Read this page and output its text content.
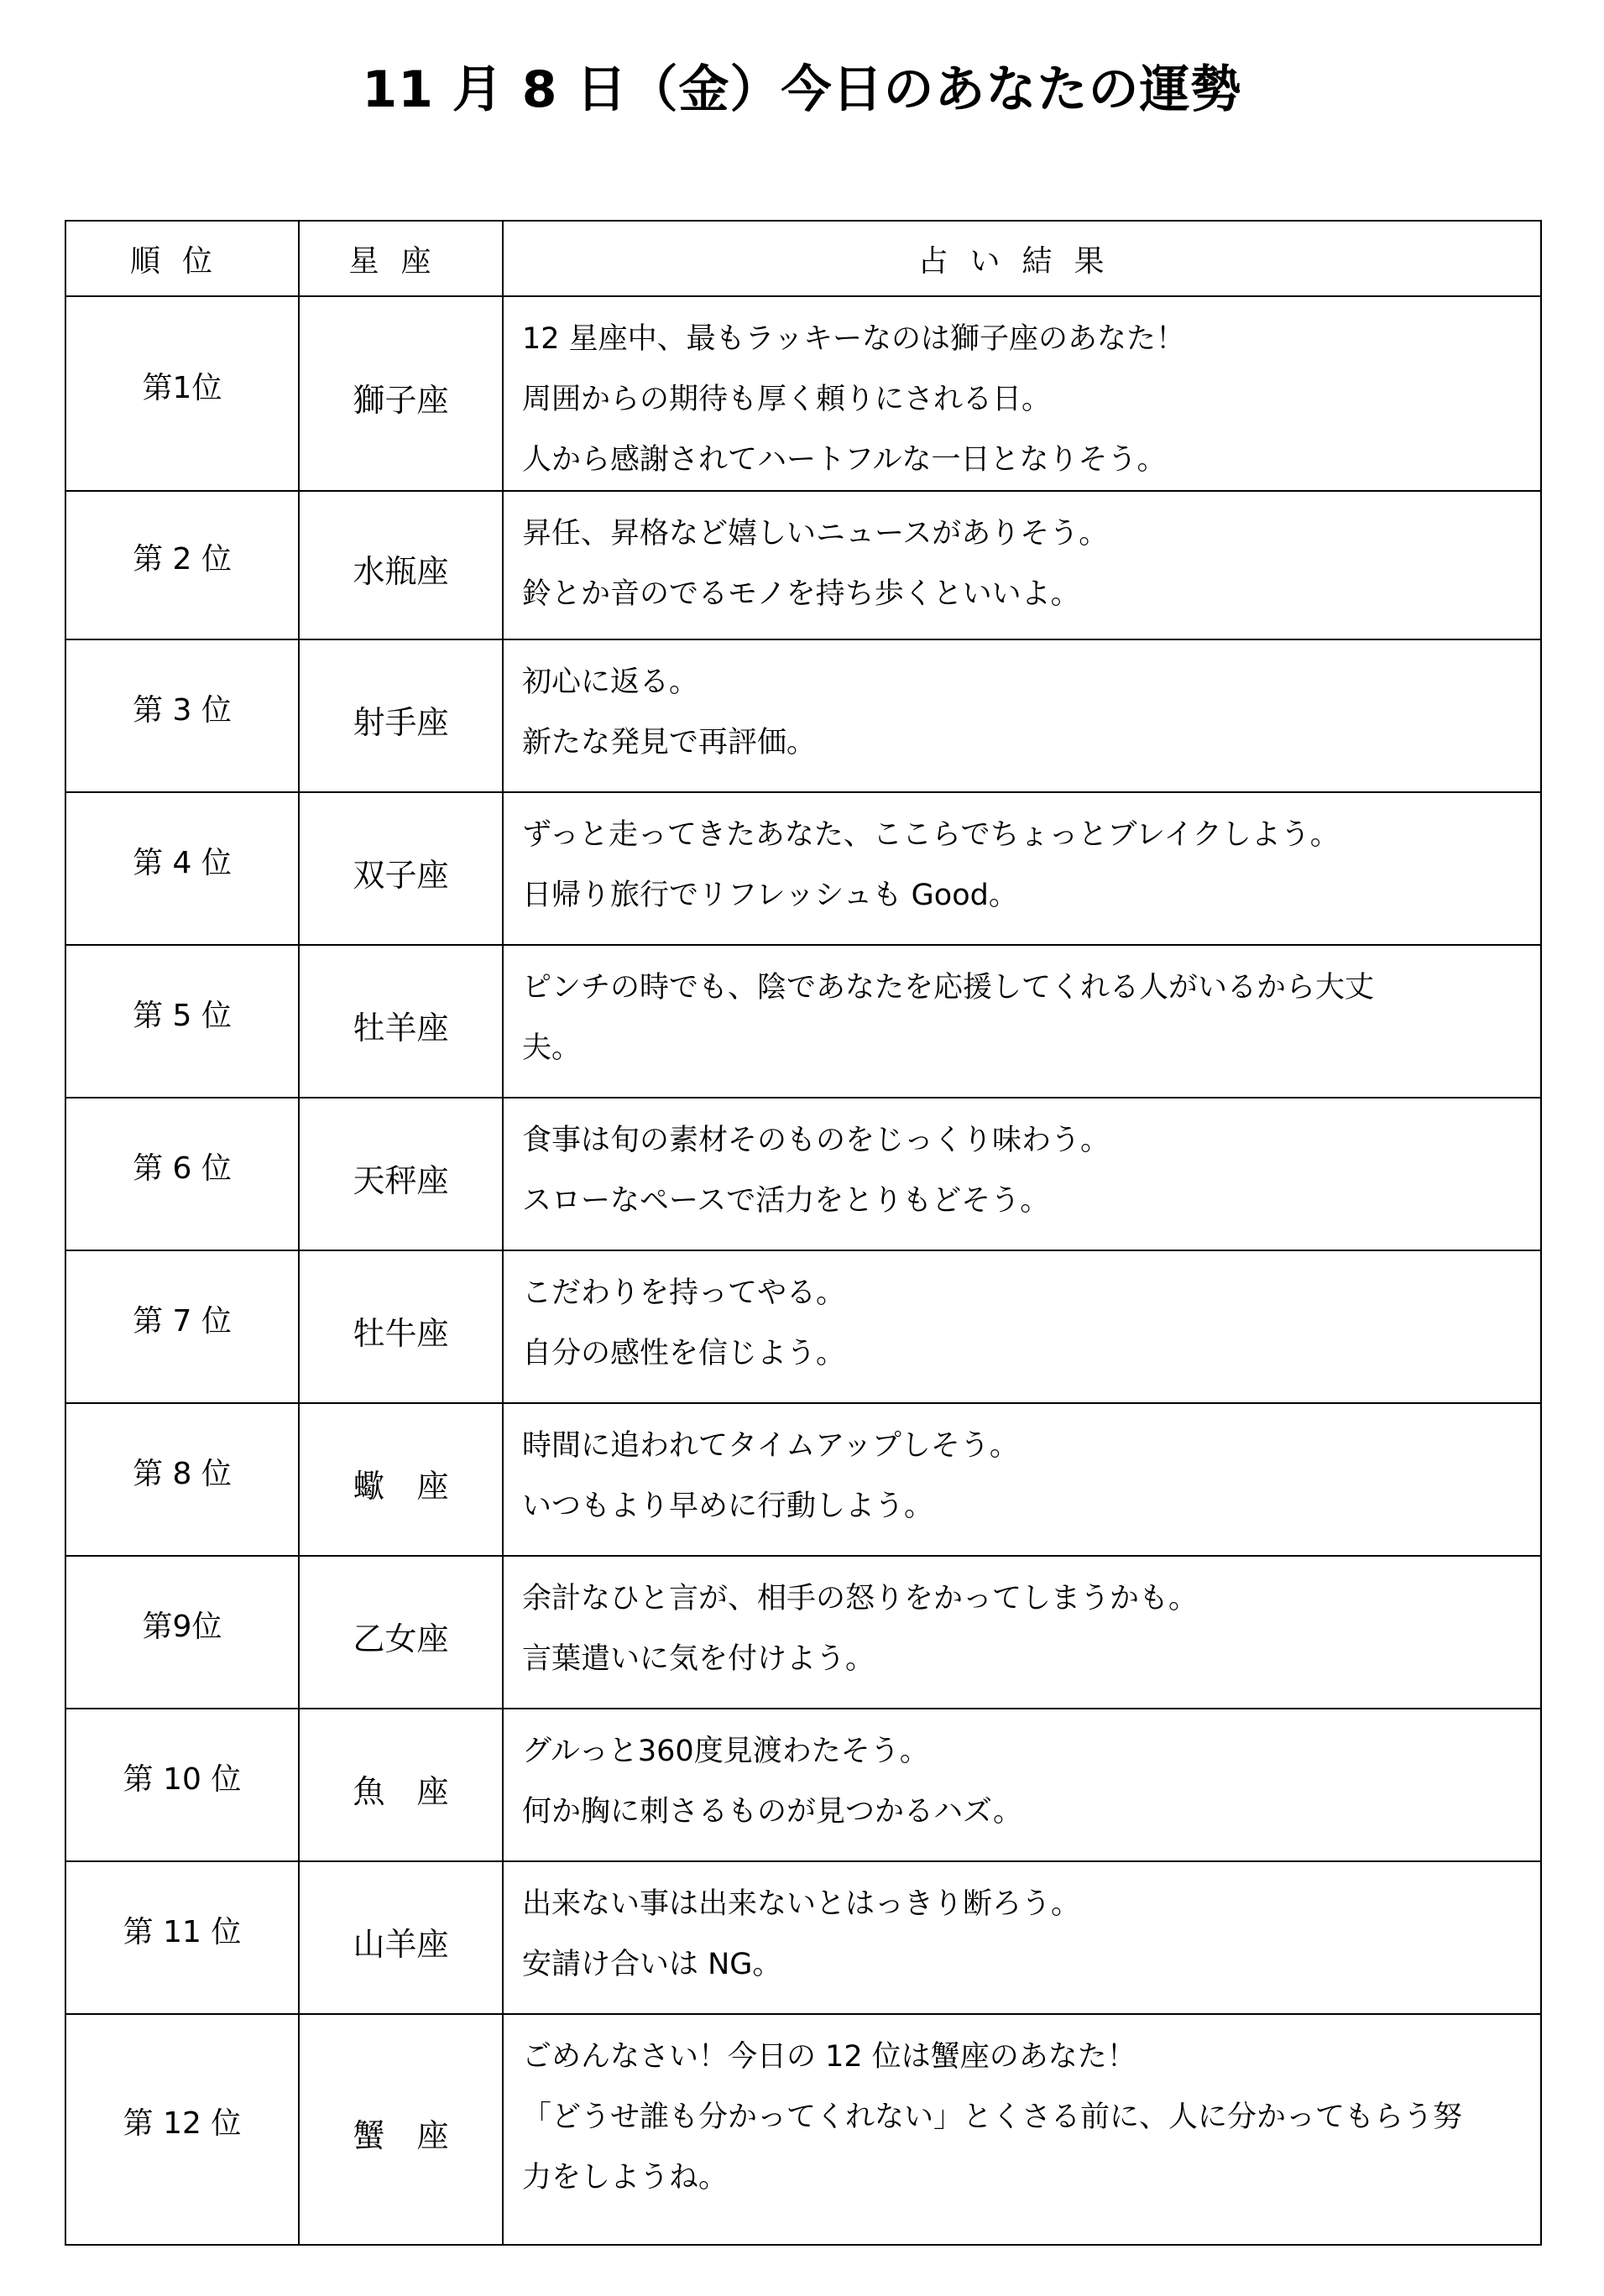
11 月 8 日（金）今日のあなたの運勢
順位	星座	占い結果
第1位	獅子座	12 星座中、最もラッキーなのは獅子座のあなた！
周囲からの期待も厚く頼りにされる日。
人から感謝されてハートフルな一日となりそう。

第 2 位	水瓶座	昇任、昇格など嬉しいニュースがありそう。
鈴とか音のでるモノを持ち歩くといいよ。

第 3 位	射手座	初心に返る。
新たな発見で再評価。

第 4 位	双子座	ずっと走ってきたあなた、ここらでちょっとブレイクしよう。
日帰り旅行でリフレッシュも Good。

第 5 位	牡羊座	ピンチの時でも、陰であなたを応援してくれる人がいるから大丈
夫。

第 6 位	天秤座	食事は旬の素材そのものをじっくり味わう。
スローなペースで活力をとりもどそう。

第 7 位	牡牛座	こだわりを持ってやる。
自分の感性を信じよう。

第 8 位	蠍　座	時間に追われてタイムアップしそう。
いつもより早めに行動しよう。

第9位	乙女座	余計なひと言が、相手の怒りをかってしまうかも。
言葉遣いに気を付けよう。

第 10 位	魚　座	グルっと360度見渡わたそう。
何か胸に刺さるものが見つかるハズ。

第 11 位	山羊座	出来ない事は出来ないとはっきり断ろう。
安請け合いは NG。

第 12 位	蟹　座	ごめんなさい！今日の 12 位は蟹座のあなた！
「どうせ誰も分かってくれない」とくさる前に、人に分かってもらう努
力をしようね。
